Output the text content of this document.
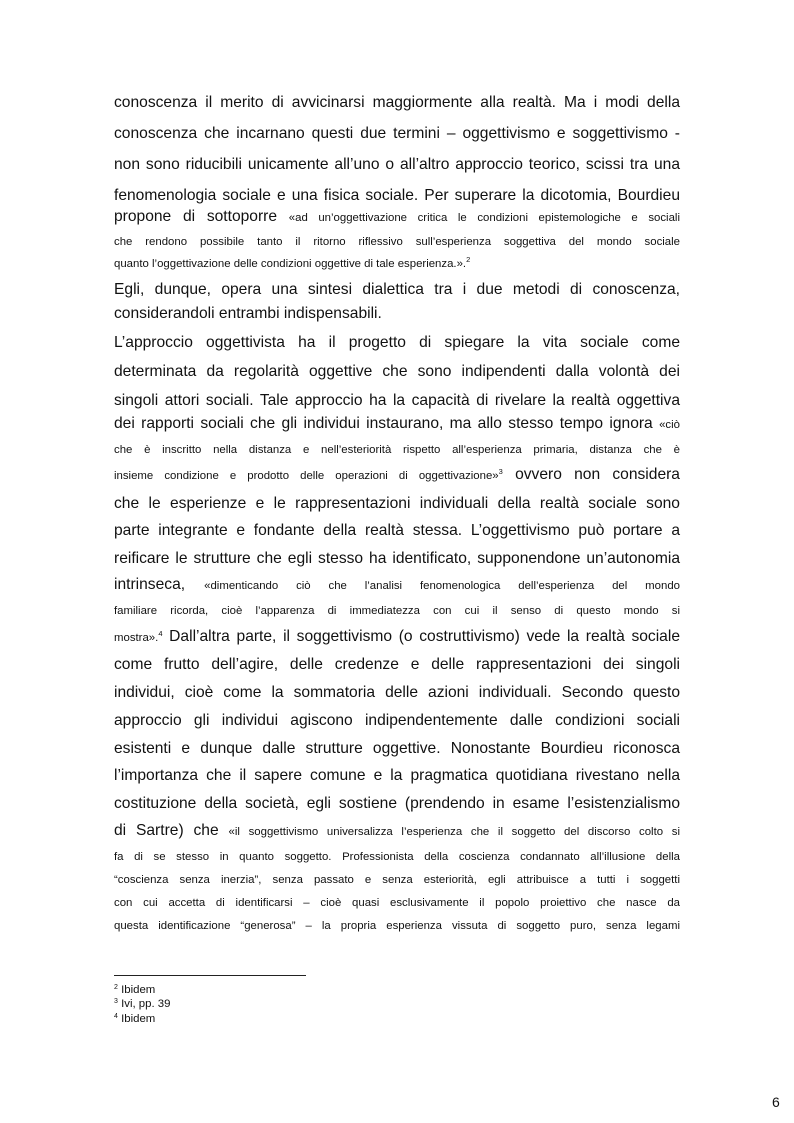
conoscenza il merito di avvicinarsi maggiormente alla realtà. Ma i modi della
conoscenza che incarnano questi due termini – oggettivismo e soggettivismo -
non sono riducibili unicamente all’uno o all’altro approccio teorico, scissi tra una
fenomenologia sociale e una fisica sociale. Per superare la dicotomia, Bourdieu
propone di sottoporre «ad un’oggettivazione critica le condizioni epistemologiche e sociali
che rendono possibile tanto il ritorno riflessivo sull’esperienza soggettiva del mondo sociale
quanto l’oggettivazione delle condizioni oggettive di tale esperienza.».$^2$
Egli, dunque, opera una sintesi dialettica tra i due metodi di conoscenza,
considerandoli entrambi indispensabili.
L’approccio oggettivista ha il progetto di spiegare la vita sociale come
determinata da regolarità oggettive che sono indipendenti dalla volontà dei
singoli attori sociali. Tale approccio ha la capacità di rivelare la realtà oggettiva
dei rapporti sociali che gli individui instaurano, ma allo stesso tempo ignora «ciò
che è inscritto nella distanza e nell’esteriorità rispetto all’esperienza primaria, distanza che è
insieme condizione e prodotto delle operazioni di oggettivazione»$^3$ ovvero non considera
che le esperienze e le rappresentazioni individuali della realtà sociale sono
parte integrante e fondante della realtà stessa. L’oggettivismo può portare a
reificare le strutture che egli stesso ha identificato, supponendone un’autonomia
intrinseca, «dimenticando ciò che l’analisi fenomenologica dell’esperienza del mondo
familiare ricorda, cioè l’apparenza di immediatezza con cui il senso di questo mondo si
mostra».$^4$ Dall’altra parte, il soggettivismo (o costruttivismo) vede la realtà sociale
come frutto dell’agire, delle credenze e delle rappresentazioni dei singoli
individui, cioè come la sommatoria delle azioni individuali. Secondo questo
approccio gli individui agiscono indipendentemente dalle condizioni sociali
esistenti e dunque dalle strutture oggettive. Nonostante Bourdieu riconosca
l’importanza che il sapere comune e la pragmatica quotidiana rivestano nella
costituzione della società, egli sostiene (prendendo in esame l’esistenzialismo
di Sartre) che «il soggettivismo universalizza l’esperienza che il soggetto del discorso colto si
fa di se stesso in quanto soggetto. Professionista della coscienza condannato all’illusione della
“coscienza senza inerzia”, senza passato e senza esteriorità, egli attribuisce a tutti i soggetti
con cui accetta di identificarsi – cioè quasi esclusivamente il popolo proiettivo che nasce da
questa identificazione “generosa” – la propria esperienza vissuta di soggetto puro, senza legami
$^2$ Ibidem
$^3$ Ivi, pp. 39
$^4$ Ibidem
6
